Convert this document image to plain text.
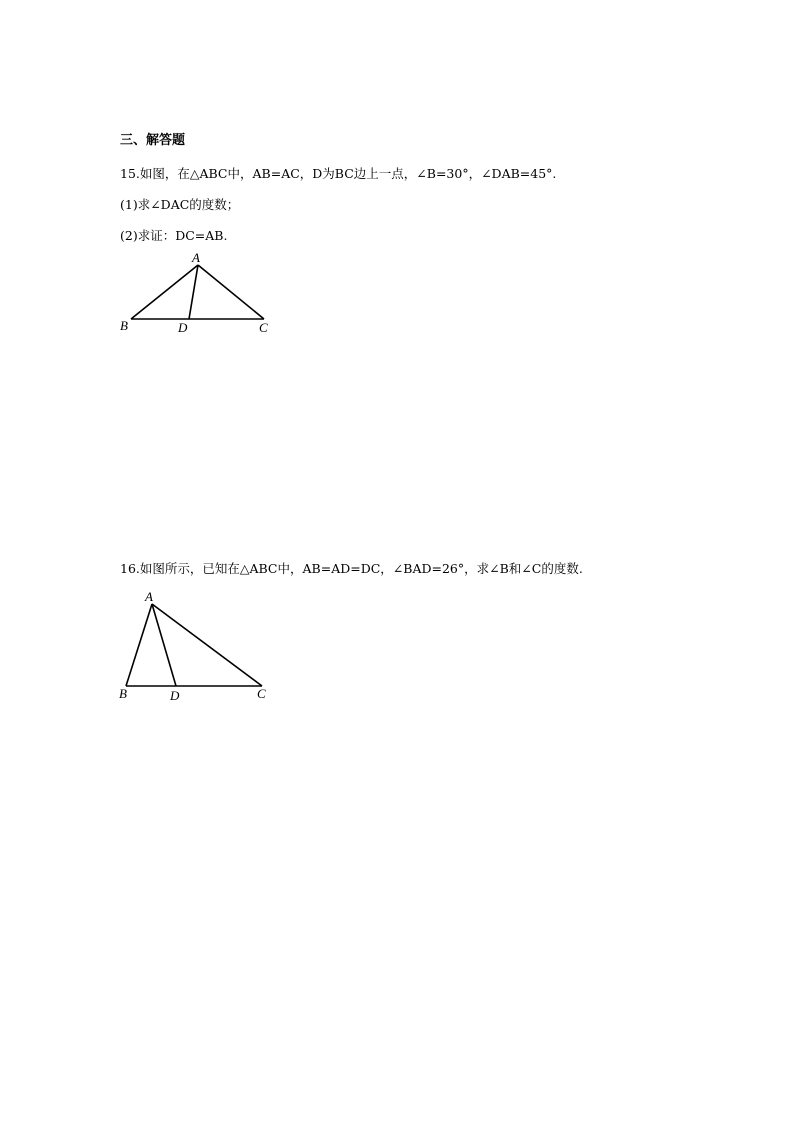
三、解答题
15.如图，在△ABC中，AB=AC，D为BC边上一点，∠B=30°，∠DAB=45°.
(1)求∠DAC的度数；
(2)求证：DC=AB.
A
B	D	C
16.如图所示，已知在△ABC中，AB=AD=DC，∠BAD=26°，求∠B和∠C的度数.
A
B	D	C
